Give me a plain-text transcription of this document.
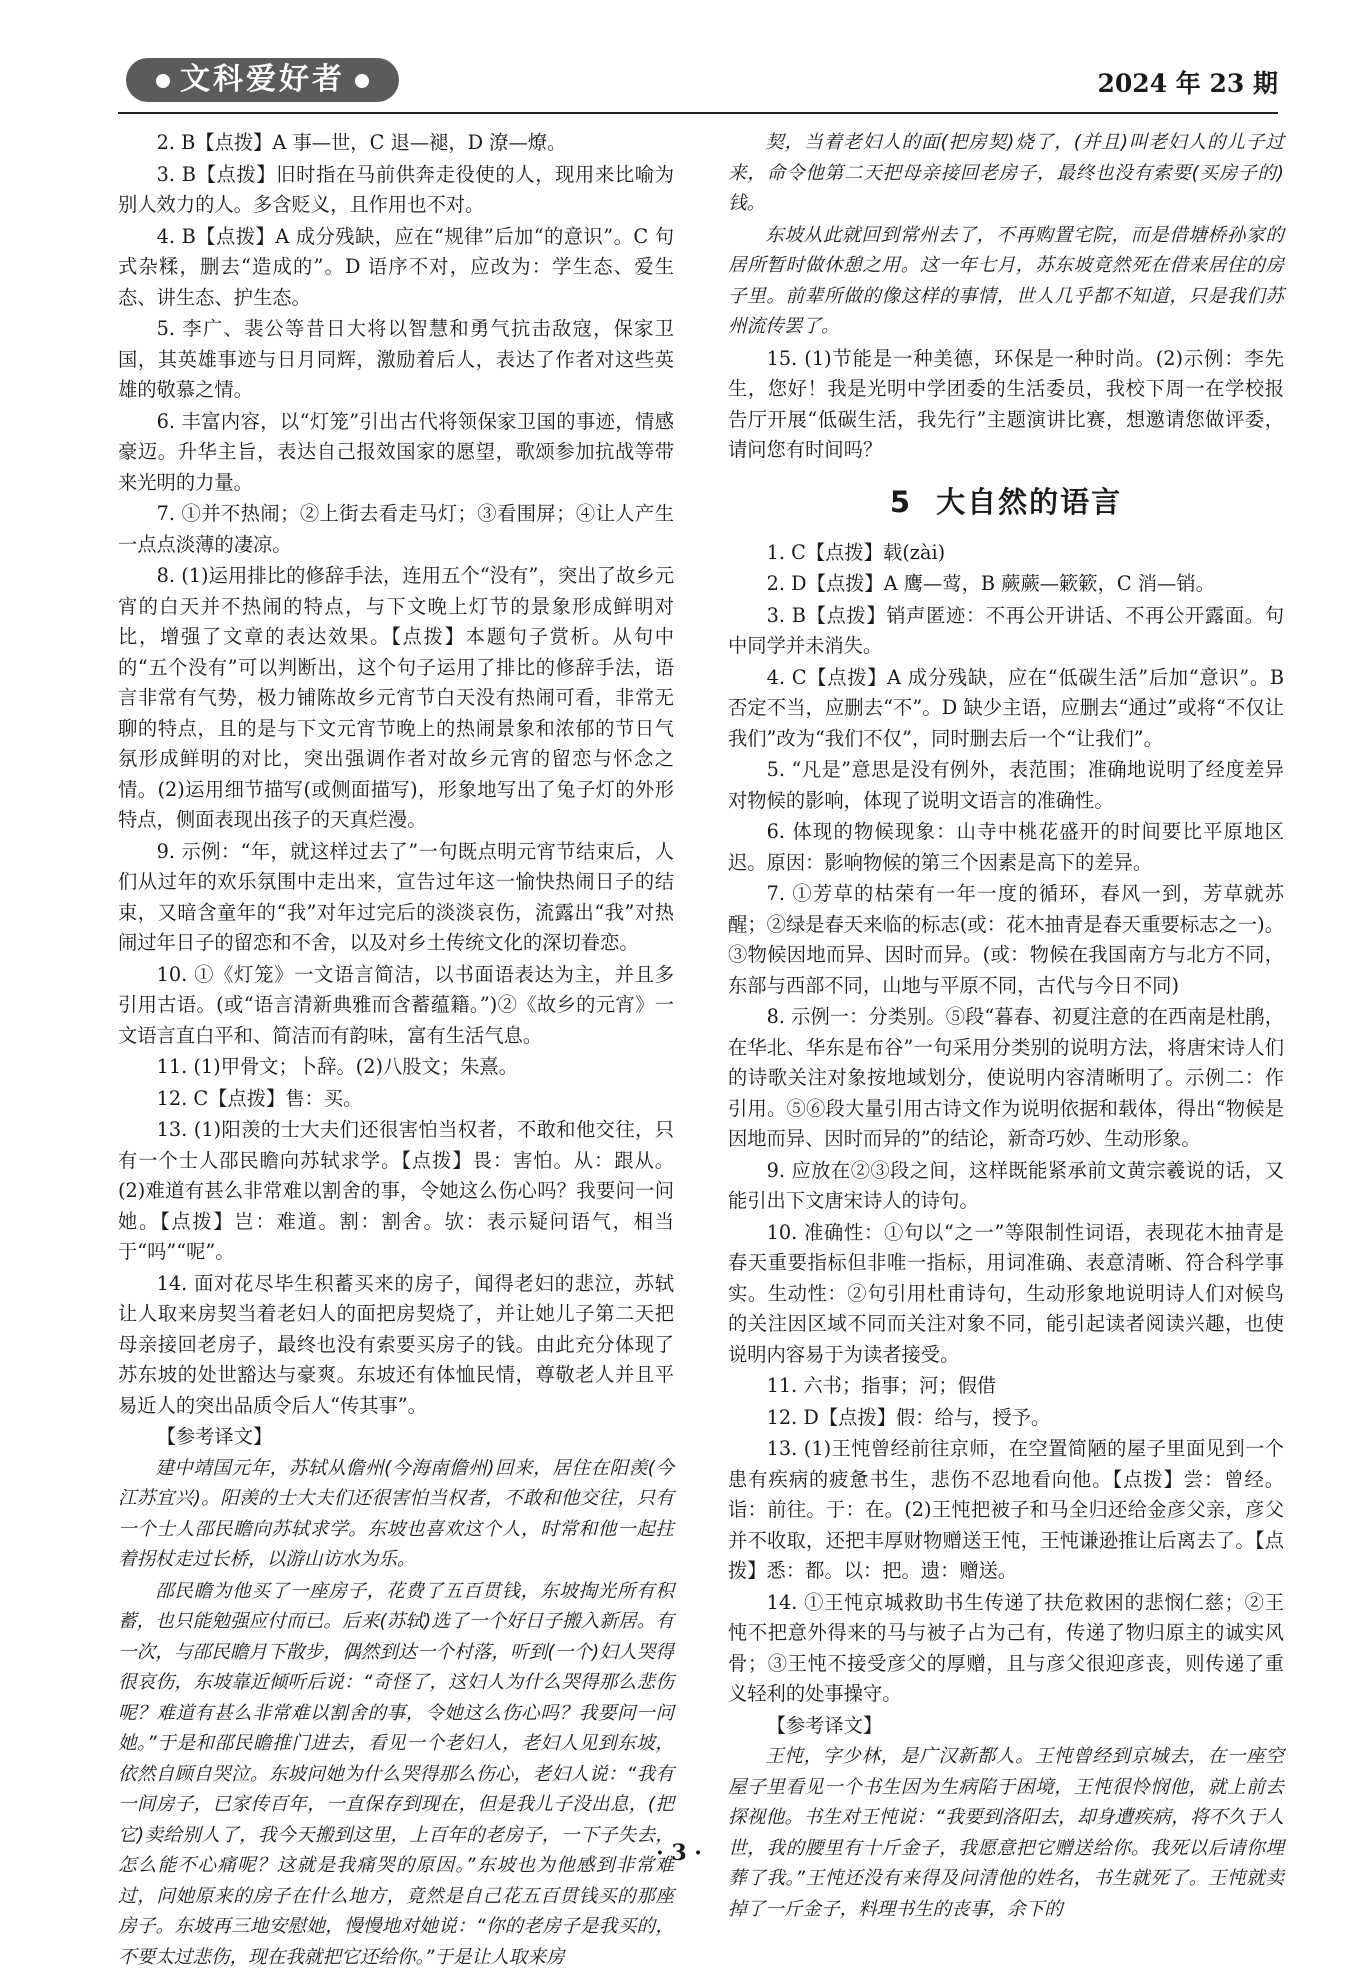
文科爱好者	2024 年 23 期

2. B【点拨】A 事—世，C 退—褪，D 潦—燎。

3. B【点拨】旧时指在马前供奔走役使的人，现用来比喻为别人效力的人。多含贬义，且作用也不对。

4. B【点拨】A 成分残缺，应在“规律”后加“的意识”。C 句式杂糅，删去“造成的”。D 语序不对，应改为：学生态、爱生态、讲生态、护生态。

5. 李广、裴公等昔日大将以智慧和勇气抗击敌寇，保家卫国，其英雄事迹与日月同辉，激励着后人，表达了作者对这些英雄的敬慕之情。

6. 丰富内容，以“灯笼”引出古代将领保家卫国的事迹，情感豪迈。升华主旨，表达自己报效国家的愿望，歌颂参加抗战等带来光明的力量。

7. ①并不热闹；②上街去看走马灯；③看围屏；④让人产生一点点淡薄的凄凉。

8. (1)运用排比的修辞手法，连用五个“没有”，突出了故乡元宵的白天并不热闹的特点，与下文晚上灯节的景象形成鲜明对比，增强了文章的表达效果。【点拨】本题句子赏析。从句中的“五个没有”可以判断出，这个句子运用了排比的修辞手法，语言非常有气势，极力铺陈故乡元宵节白天没有热闹可看，非常无聊的特点，且的是与下文元宵节晚上的热闹景象和浓郁的节日气氛形成鲜明的对比，突出强调作者对故乡元宵的留恋与怀念之情。(2)运用细节描写(或侧面描写)，形象地写出了兔子灯的外形特点，侧面表现出孩子的天真烂漫。

9. 示例：“年，就这样过去了”一句既点明元宵节结束后，人们从过年的欢乐氛围中走出来，宣告过年这一愉快热闹日子的结束，又暗含童年的“我”对年过完后的淡淡哀伤，流露出“我”对热闹过年日子的留恋和不舍，以及对乡土传统文化的深切眷恋。

10. ①《灯笼》一文语言简洁，以书面语表达为主，并且多引用古语。(或“语言清新典雅而含蓄蕴籍。”)②《故乡的元宵》一文语言直白平和、简洁而有韵味，富有生活气息。

11. (1)甲骨文；卜辞。(2)八股文；朱熹。

12. C【点拨】售：买。

13. (1)阳羡的士大夫们还很害怕当权者，不敢和他交往，只有一个士人邵民瞻向苏轼求学。【点拨】畏：害怕。从：跟从。(2)难道有甚么非常难以割舍的事，令她这么伤心吗？我要问一问她。【点拨】岂：难道。割：割舍。欤：表示疑问语气，相当于“吗”“呢”。

14. 面对花尽毕生积蓄买来的房子，闻得老妇的悲泣，苏轼让人取来房契当着老妇人的面把房契烧了，并让她儿子第二天把母亲接回老房子，最终也没有索要买房子的钱。由此充分体现了苏东坡的处世豁达与豪爽。东坡还有体恤民情，尊敬老人并且平易近人的突出品质令后人“传其事”。

【参考译文】

建中靖国元年，苏轼从儋州(今海南儋州)回来，居住在阳羡(今江苏宜兴)。阳羡的士大夫们还很害怕当权者，不敢和他交往，只有一个士人邵民瞻向苏轼求学。东坡也喜欢这个人，时常和他一起拄着拐杖走过长桥，以游山访水为乐。

邵民瞻为他买了一座房子，花费了五百贯钱，东坡掏光所有积蓄，也只能勉强应付而已。后来(苏轼)选了一个好日子搬入新居。有一次，与邵民瞻月下散步，偶然到达一个村落，听到(一个)妇人哭得很哀伤，东坡靠近倾听后说：“奇怪了，这妇人为什么哭得那么悲伤呢？难道有甚么非常难以割舍的事，令她这么伤心吗？我要问一问她。”于是和邵民瞻推门进去，看见一个老妇人，老妇人见到东坡，依然自顾自哭泣。东坡问她为什么哭得那么伤心，老妇人说：“我有一间房子，已家传百年，一直保存到现在，但是我儿子没出息，(把它)卖给别人了，我今天搬到这里，上百年的老房子，一下子失去，怎么能不心痛呢？这就是我痛哭的原因。”东坡也为他感到非常难过，问她原来的房子在什么地方，竟然是自己花五百贯钱买的那座房子。东坡再三地安慰她，慢慢地对她说：“你的老房子是我买的，不要太过悲伤，现在我就把它还给你。”于是让人取来房

契，当着老妇人的面(把房契)烧了，(并且)叫老妇人的儿子过来，命令他第二天把母亲接回老房子，最终也没有索要(买房子的)钱。

东坡从此就回到常州去了，不再购置宅院，而是借塘桥孙家的居所暂时做休憩之用。这一年七月，苏东坡竟然死在借来居住的房子里。前辈所做的像这样的事情，世人几乎都不知道，只是我们苏州流传罢了。

15. (1)节能是一种美德，环保是一种时尚。(2)示例：李先生，您好！我是光明中学团委的生活委员，我校下周一在学校报告厅开展“低碳生活，我先行”主题演讲比赛，想邀请您做评委，请问您有时间吗？

5 大自然的语言

1. C【点拨】载(zài)

2. D【点拨】A 鹰—莺，B 蕨蕨—簌簌，C 消—销。

3. B【点拨】销声匿迹：不再公开讲话、不再公开露面。句中同学并未消失。

4. C【点拨】A 成分残缺，应在“低碳生活”后加“意识”。B 否定不当，应删去“不”。D 缺少主语，应删去“通过”或将“不仅让我们”改为“我们不仅”，同时删去后一个“让我们”。

5. “凡是”意思是没有例外，表范围；准确地说明了经度差异对物候的影响，体现了说明文语言的准确性。

6. 体现的物候现象：山寺中桃花盛开的时间要比平原地区迟。原因：影响物候的第三个因素是高下的差异。

7. ①芳草的枯荣有一年一度的循环，春风一到，芳草就苏醒；②绿是春天来临的标志(或：花木抽青是春天重要标志之一)。③物候因地而异、因时而异。(或：物候在我国南方与北方不同，东部与西部不同，山地与平原不同，古代与今日不同)

8. 示例一：分类别。⑤段“暮春、初夏注意的在西南是杜鹃，在华北、华东是布谷”一句采用分类别的说明方法，将唐宋诗人们的诗歌关注对象按地域划分，使说明内容清晰明了。示例二：作引用。⑤⑥段大量引用古诗文作为说明依据和载体，得出“物候是因地而异、因时而异的”的结论，新奇巧妙、生动形象。

9. 应放在②③段之间，这样既能紧承前文黄宗羲说的话，又能引出下文唐宋诗人的诗句。

10. 准确性：①句以“之一”等限制性词语，表现花木抽青是春天重要指标但非唯一指标，用词准确、表意清晰、符合科学事实。生动性：②句引用杜甫诗句，生动形象地说明诗人们对候鸟的关注因区域不同而关注对象不同，能引起读者阅读兴趣，也使说明内容易于为读者接受。

11. 六书；指事；河；假借

12. D【点拨】假：给与，授予。

13. (1)王忳曾经前往京师，在空置简陋的屋子里面见到一个患有疾病的疲惫书生，悲伤不忍地看向他。【点拨】尝：曾经。诣：前往。于：在。(2)王忳把被子和马全归还给金彦父亲，彦父并不收取，还把丰厚财物赠送王忳，王忳谦逊推让后离去了。【点拨】悉：都。以：把。遗：赠送。

14. ①王忳京城救助书生传递了扶危救困的悲悯仁慈；②王忳不把意外得来的马与被子占为己有，传递了物归原主的诚实风骨；③王忳不接受彦父的厚赠，且与彦父很迎彦丧，则传递了重义轻利的处事操守。

【参考译文】

王忳，字少林，是广汉新都人。王忳曾经到京城去，在一座空屋子里看见一个书生因为生病陷于困境，王忳很怜悯他，就上前去探视他。书生对王忳说：“我要到洛阳去，却身遭疾病，将不久于人世，我的腰里有十斤金子，我愿意把它赠送给你。我死以后请你埋葬了我。”王忳还没有来得及问清他的姓名，书生就死了。王忳就卖掉了一斤金子，料理书生的丧事，余下的

· 3 ·
